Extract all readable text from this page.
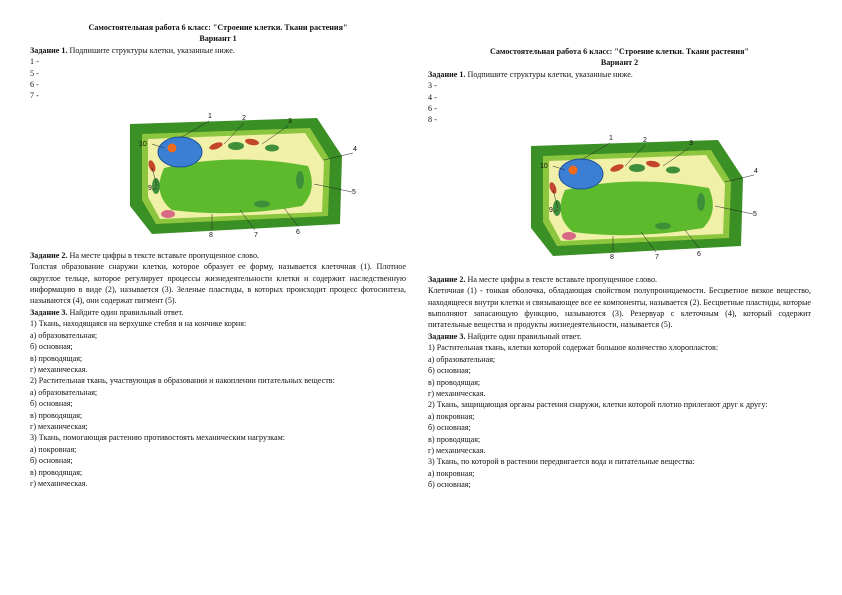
Самостоятельная работа 6 класс: "Строение клетки. Ткани растения"
Вариант 1
Задание 1. Подпишите структуры клетки, указанные ниже.
1 -
5 -
6 -
7 -
1	2	3
4
5
6
7
8
9
10
Задание 2. На месте цифры в тексте вставьте пропущенное слово.
Толстая образование снаружи клетки, которое образует ее форму, называется клеточная (1). Плотное округлое тельце, которое регулирует процессы жизнедеятельности клетки и содержит наследственную информацию в виде (2), называется (3). Зеленые пластиды, в которых происходит процесс фотосинтеза, называются (4), они содержат пигмент (5).
Задание 3. Найдите один правильный ответ.
1) Ткань, находящаяся на верхушке стебля и на кончике корня:
а) образовательная;
б) основная;
в) проводящая;
г) механическая.
2) Растительная ткань, участвующая в образовании и накоплении питательных веществ:
а) образовательная;
б) основная;
в) проводящая;
г) механическая;
3) Ткань, помогающая растению противостоять механическим нагрузкам:
а) покровная;
б) основная;
в) проводящая;
г) механическая.
Самостоятельная работа 6 класс: "Строение клетки. Ткани растения"
Вариант 2
Задание 1. Подпишите структуры клетки, указанные ниже.
3 -
4 -
6 -
8 -
1	2	3
4
5
6
7
8
9
10
Задание 2. На месте цифры в тексте вставьте пропущенное слово.
Клеточная (1) - тонкая оболочка, обладающая свойством полупроницаемости. Бесцветное вязкое вещество, находящееся внутри клетки и связывающее все ее компоненты, называется (2). Бесцветные пластиды, которые выполняют запасающую функцию, называются (3). Резервуар с клеточным (4), который содержит питательные вещества и продукты жизнедеятельности, называется (5).
Задание 3. Найдите один правильный ответ.
1) Растительная ткань, клетки которой содержат большое количество хлоропластов:
а) образовательная;
б) основная;
в) проводящая;
г) механическая.
2) Ткань, защищающая органы растения снаружи, клетки которой плотно прилегают друг к другу:
а) покровная;
б) основная;
в) проводящая;
г) механическая.
3) Ткань, по которой в растении передвигается вода и питательные вещества:
а) покровная;
б) основная;
